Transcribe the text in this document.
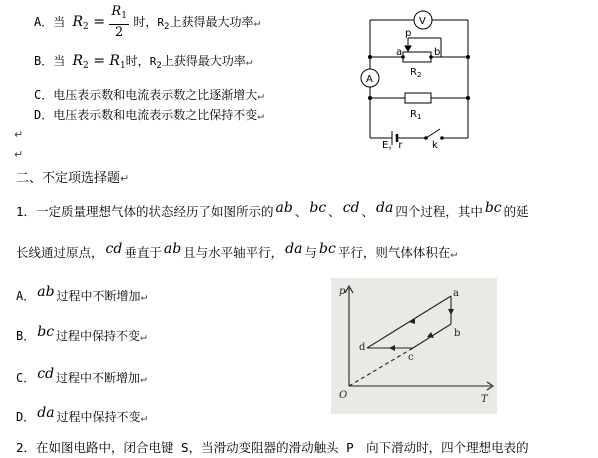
A．当 $R_2 = \frac{R_1}{2}$ 时，$R_2$上获得最大功率↵
B．当 $R_2 = R_1$时，$R_2$上获得最大功率↵
C．电压表示数和电流表示数之比逐渐增大↵
D．电压表示数和电流表示数之比保持不变↵
↵
↵
V
A
p
a	b
$R_2$
$R_1$
E，r	k
二、不定项选择题↵
1．一定质量理想气体的状态经历了如图所示的 ab 、 bc 、 cd 、 da 四个过程，其中 bc 的延
长线通过原点， cd 垂直于 ab 且与水平轴平行， da 与 bc 平行，则气体体积在↵
A． ab 过程中不断增加↵
B． bc 过程中保持不变↵
C． cd 过程中不断增加↵
D． da 过程中保持不变↵
2．在如图电路中，闭合电键 S，当滑动变阻器的滑动触头 P　向下滑动时，四个理想电表的
p
T
O
a
b
c
d
